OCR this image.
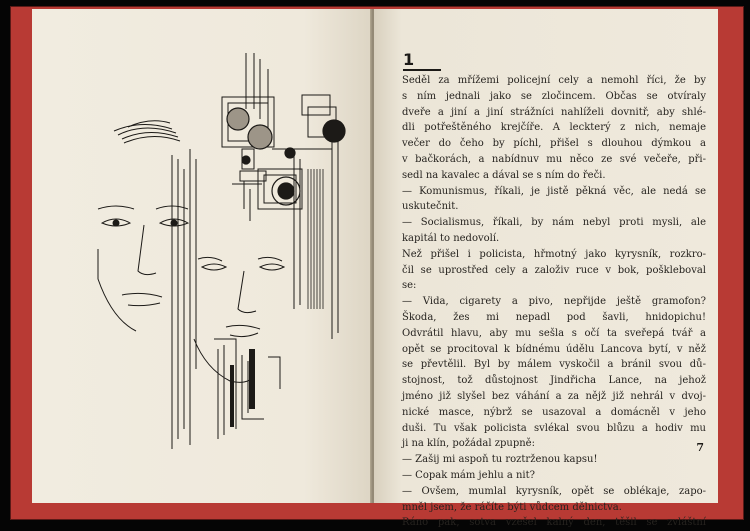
1
Seděl za mřížemi policejní cely a nemohl říci, že by
s ním jednali jako se zločincem. Občas se otvíraly
dveře a jiní a jiní strážníci nahlíželi dovnitř, aby shlé-
dli potřeštěného krejčíře. A leckterý z nich, nemaje
večer do čeho by píchl, přišel s dlouhou dýmkou a
v bačkorách, a nabídnuv mu něco ze své večeře, při-
sedl na kavalec a dával se s ním do řeči.
— Komunismus, říkali, je jistě pěkná věc, ale nedá se
uskutečnit.
— Socialismus, říkali, by nám nebyl proti mysli, ale
kapitál to nedovolí.
Než přišel i policista, hřmotný jako kyrysník, rozkro-
čil se uprostřed cely a založiv ruce v bok, poškleboval
se:
— Vida, cigarety a pivo, nepřijde ještě gramofon?
Škoda, žes mi nepadl pod šavli, hnidopichu!
Odvrátil hlavu, aby mu sešla s očí ta sveřepá tvář a
opět se procitoval k bídnému údělu Lancova bytí, v něž
se převtělil. Byl by málem vyskočil a bránil svou dů-
stojnost, tož důstojnost Jindřicha Lance, na jehož
jméno již slyšel bez váhání a za nějž již nehrál v dvoj-
nické masce, nýbrž se usazoval a domácněl v jeho
duši. Tu však policista svlékal svou blůzu a hodiv mu
ji na klín, požádal zpupně:
— Zašij mi aspoň tu roztrženou kapsu!
— Copak mám jehlu a nit?
— Ovšem, mumlal kyrysník, opět se oblékaje, zapo-
mněl jsem, že ráčíte býti vůdcem dělnictva.
Ráno pak, sotva vzešel kalný den, těšil se zvláštní
7
